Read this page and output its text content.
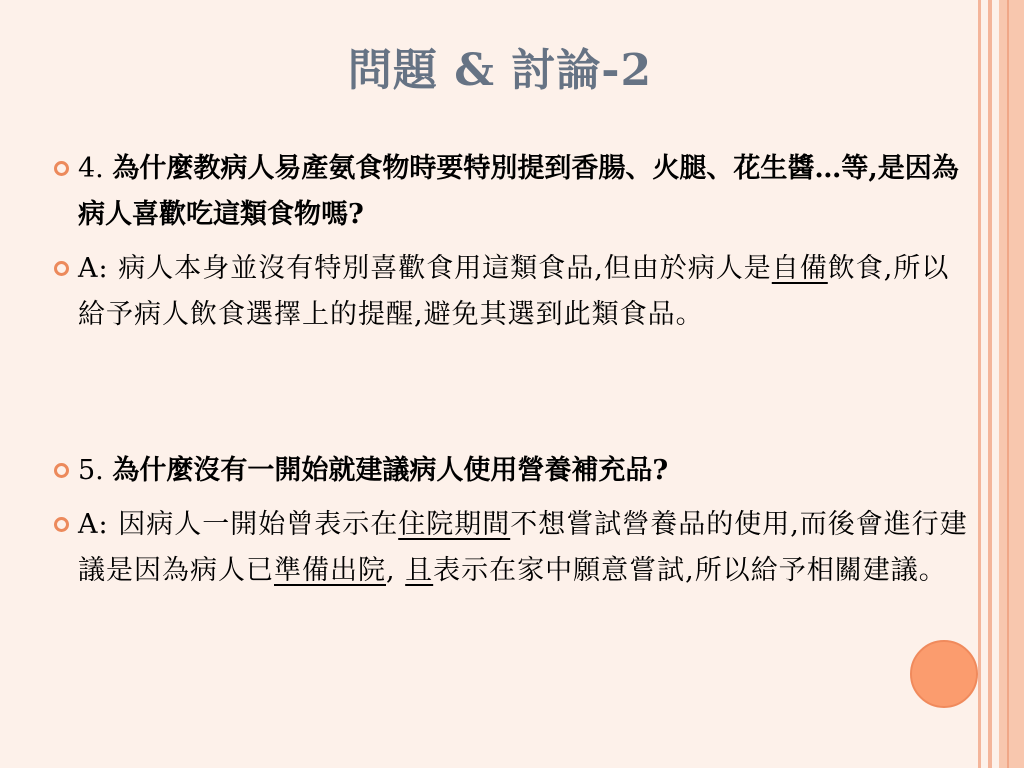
問題 & 討論-2
4. 為什麼教病人易產氨食物時要特別提到香腸、火腿、花生醬…等,是因為病人喜歡吃這類食物嗎?
A: 病人本身並沒有特別喜歡食用這類食品,但由於病人是自備飲食,所以給予病人飲食選擇上的提醒,避免其選到此類食品。
5. 為什麼沒有一開始就建議病人使用營養補充品?
A: 因病人一開始曾表示在住院期間不想嘗試營養品的使用,而後會進行建議是因為病人已準備出院, 且表示在家中願意嘗試,所以給予相關建議。
